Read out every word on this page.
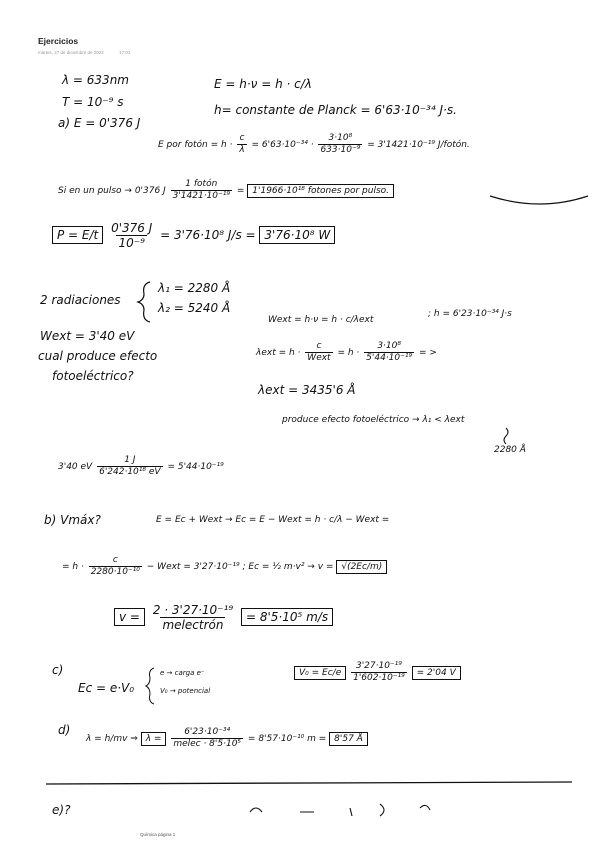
Ejercicios
martes, 27 de diciembre de 2022	17:01
λ = 633nm
T = 10⁻⁹ s
a) E = 0'376 J
E = h·ν = h · c/λ
h= constante de Planck = 6'63·10⁻³⁴ J·s.
E por fotón = $h \cdot \frac{c}{\lambda} = 6'63\cdot 10^{-34} \cdot \frac{\text{3·10⁸}}{\text{633·10⁻⁹}} = 3'1421\cdot 10^{-19}$ J/fotón.
Si en un pulso → 0'376 J $\frac{\text{1 fotón}}{\text{3'1421·10⁻¹⁹}} = 1'1966\cdot 10^{18}$ fotones por pulso.
$P = E/t \frac{0'376 J}{\text{10⁻⁹}} = 3'76\cdot 10^8$ J/s = 3'76·10⁸ W
2 radiaciones
λ₁ = 2280 Å
λ₂ = 5240 Å
Wext = h·ν = h · c/λext
; h = 6'23·10⁻³⁴ J·s
Wext = 3'40 eV
cual produce efecto
fotoeléctrico?
$\lambda ext = h \cdot \frac{c}{\text{Wext}} = h \cdot \frac{\text{3·10⁸}}{\text{5'44·10⁻¹⁹}}$ = >
λext = 3435'6 Å
produce efecto fotoeléctrico → λ₁ < λext
2280 Å
3'40 eV $\frac{1 J}{\text{6'242·10¹⁸ eV}} = 5'44\cdot 10^{-19}$
b) Vmáx?	E = Ec + Wext → Ec = E − Wext = h · c/λ − Wext =
= $h \cdot \frac{c}{\text{2280·10⁻¹⁰}}$ − Wext = 3'27·10⁻¹⁹ ; Ec = ½ m·v² → v = √(2Ec/m)
$v = \frac{\text{2 · 3'27·10⁻¹⁹}}{\text{melectrón}} = 8'5\cdot 10^5$ m/s
c)
Ec = e·V₀
e → carga e⁻
V₀ → potencial
$V_0 = Ec/e \frac{\text{3'27·10⁻¹⁹}}{\text{1'602·10⁻¹⁹}} = 2'04$ V
d)
λ = h/mv ⇒ $\lambda = \frac{\text{6'23·10⁻³⁴}}{\text{melec · 8'5·10⁵}} = 8'57\cdot 10^{-10}$ m = 8'57 Å
e)?
Química página 1
